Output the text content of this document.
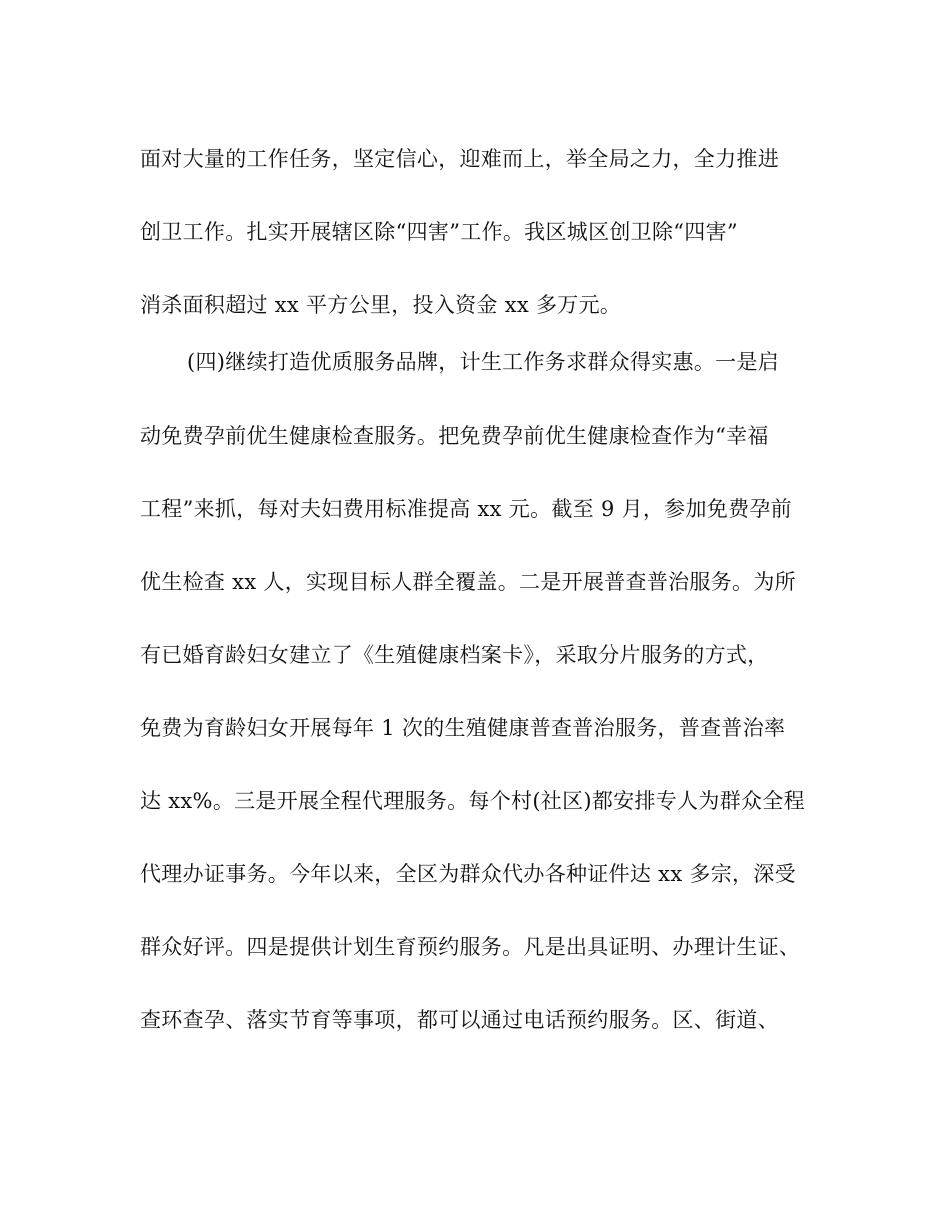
面对大量的工作任务，坚定信心，迎难而上，举全局之力，全力推进
创卫工作。扎实开展辖区除“四害”工作。我区城区创卫除“四害”
消杀面积超过 xx 平方公里，投入资金 xx 多万元。
(四)继续打造优质服务品牌，计生工作务求群众得实惠。一是启
动免费孕前优生健康检查服务。把免费孕前优生健康检查作为“幸福
工程”来抓，每对夫妇费用标准提高 xx 元。截至 9 月，参加免费孕前
优生检查 xx 人，实现目标人群全覆盖。二是开展普查普治服务。为所
有已婚育龄妇女建立了《生殖健康档案卡》，采取分片服务的方式，
免费为育龄妇女开展每年 1 次的生殖健康普查普治服务，普查普治率
达 xx%。三是开展全程代理服务。每个村(社区)都安排专人为群众全程
代理办证事务。今年以来，全区为群众代办各种证件达 xx 多宗，深受
群众好评。四是提供计划生育预约服务。凡是出具证明、办理计生证、
查环查孕、落实节育等事项，都可以通过电话预约服务。区、街道、
